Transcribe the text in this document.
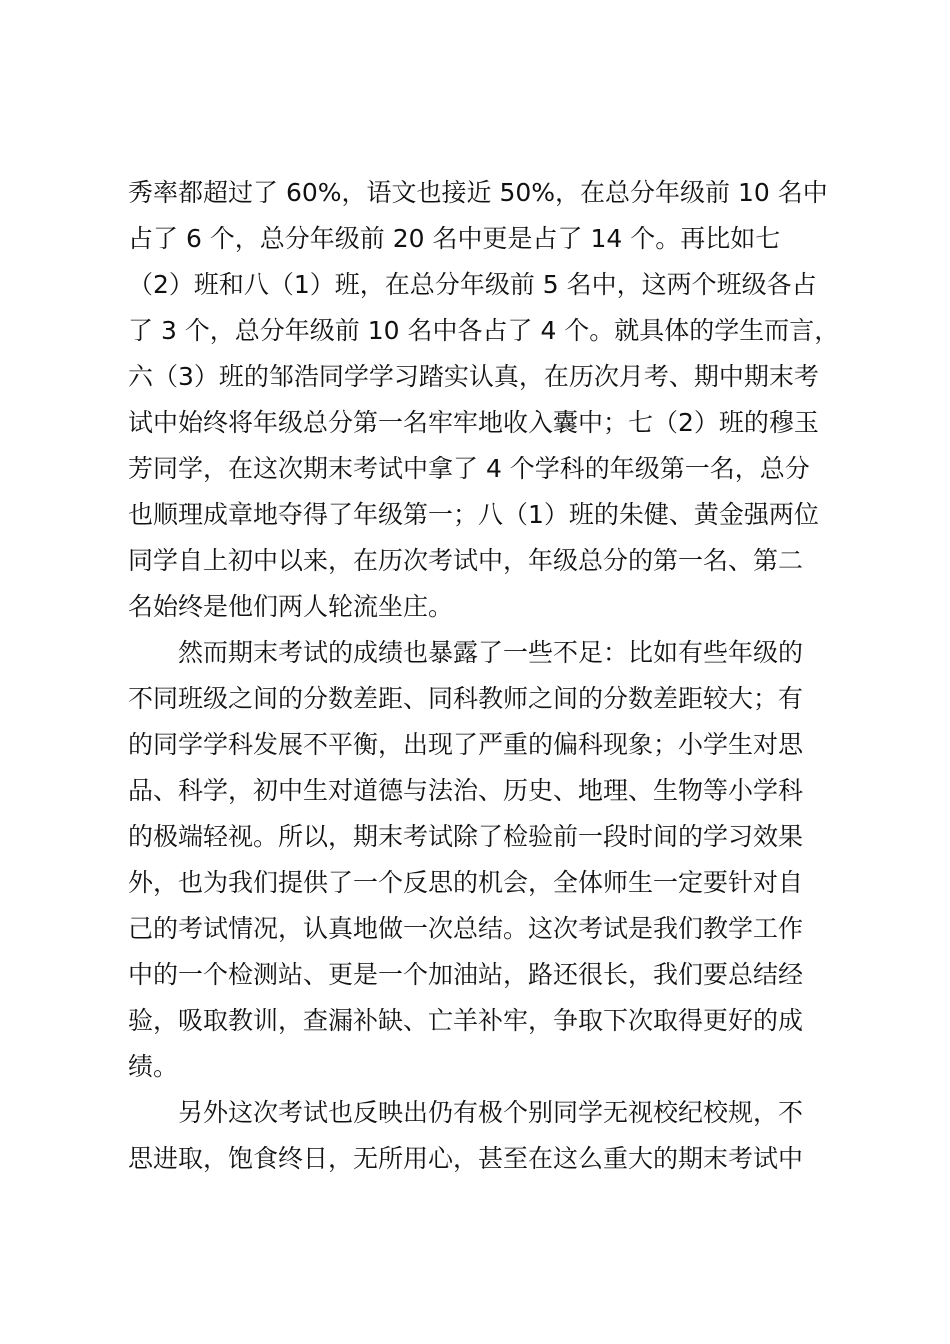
秀率都超过了 60%，语文也接近 50%，在总分年级前 10 名中
占了 6 个，总分年级前 20 名中更是占了 14 个。再比如七
（2）班和八（1）班，在总分年级前 5 名中，这两个班级各占
了 3 个，总分年级前 10 名中各占了 4 个。就具体的学生而言，
六（3）班的邹浩同学学习踏实认真，在历次月考、期中期末考
试中始终将年级总分第一名牢牢地收入囊中；七（2）班的穆玉
芳同学，在这次期末考试中拿了 4 个学科的年级第一名，总分
也顺理成章地夺得了年级第一；八（1）班的朱健、黄金强两位
同学自上初中以来，在历次考试中，年级总分的第一名、第二
名始终是他们两人轮流坐庄。
然而期末考试的成绩也暴露了一些不足：比如有些年级的
不同班级之间的分数差距、同科教师之间的分数差距较大；有
的同学学科发展不平衡，出现了严重的偏科现象；小学生对思
品、科学，初中生对道德与法治、历史、地理、生物等小学科
的极端轻视。所以，期末考试除了检验前一段时间的学习效果
外，也为我们提供了一个反思的机会，全体师生一定要针对自
己的考试情况，认真地做一次总结。这次考试是我们教学工作
中的一个检测站、更是一个加油站，路还很长，我们要总结经
验，吸取教训，查漏补缺、亡羊补牢，争取下次取得更好的成
绩。
另外这次考试也反映出仍有极个别同学无视校纪校规，不
思进取，饱食终日，无所用心，甚至在这么重大的期末考试中
